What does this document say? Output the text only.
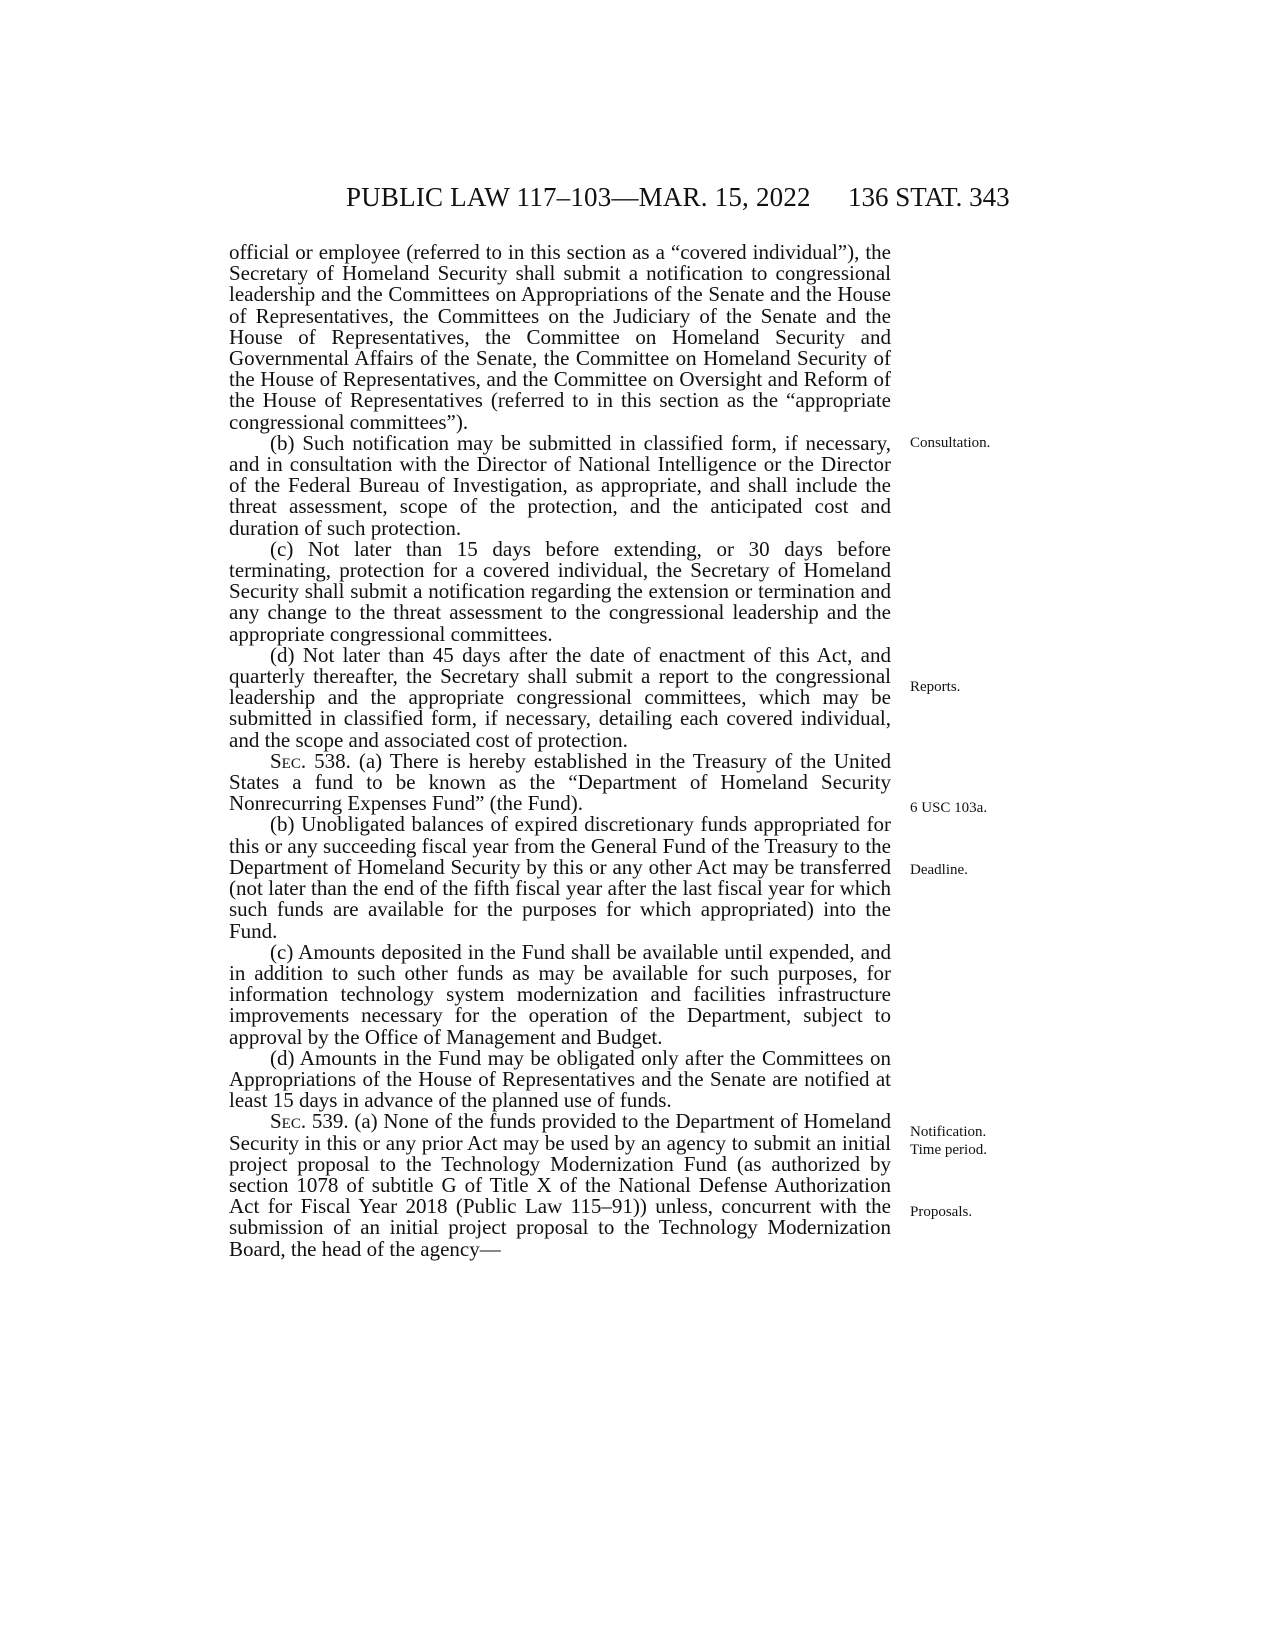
PUBLIC LAW 117–103—MAR. 15, 2022 136 STAT. 343

official or employee (referred to in this section as a “covered individual”), the Secretary of Homeland Security shall submit a notification to congressional leadership and the Committees on Appropriations of the Senate and the House of Representatives, the Committees on the Judiciary of the Senate and the House of Representatives, the Committee on Homeland Security and Governmental Affairs of the Senate, the Committee on Homeland Security of the House of Representatives, and the Committee on Oversight and Reform of the House of Representatives (referred to in this section as the “appropriate congressional committees”).

(b) Such notification may be submitted in classified form, if necessary, and in consultation with the Director of National Intelligence or the Director of the Federal Bureau of Investigation, as appropriate, and shall include the threat assessment, scope of the protection, and the anticipated cost and duration of such protection.

(c) Not later than 15 days before extending, or 30 days before terminating, protection for a covered individual, the Secretary of Homeland Security shall submit a notification regarding the extension or termination and any change to the threat assessment to the congressional leadership and the appropriate congressional committees.

(d) Not later than 45 days after the date of enactment of this Act, and quarterly thereafter, the Secretary shall submit a report to the congressional leadership and the appropriate congressional committees, which may be submitted in classified form, if necessary, detailing each covered individual, and the scope and associated cost of protection.

Sec. 538. (a) There is hereby established in the Treasury of the United States a fund to be known as the “Department of Homeland Security Nonrecurring Expenses Fund” (the Fund).

(b) Unobligated balances of expired discretionary funds appropriated for this or any succeeding fiscal year from the General Fund of the Treasury to the Department of Homeland Security by this or any other Act may be transferred (not later than the end of the fifth fiscal year after the last fiscal year for which such funds are available for the purposes for which appropriated) into the Fund.

(c) Amounts deposited in the Fund shall be available until expended, and in addition to such other funds as may be available for such purposes, for information technology system modernization and facilities infrastructure improvements necessary for the operation of the Department, subject to approval by the Office of Management and Budget.

(d) Amounts in the Fund may be obligated only after the Committees on Appropriations of the House of Representatives and the Senate are notified at least 15 days in advance of the planned use of funds.

Sec. 539. (a) None of the funds provided to the Department of Homeland Security in this or any prior Act may be used by an agency to submit an initial project proposal to the Technology Modernization Fund (as authorized by section 1078 of subtitle G of Title X of the National Defense Authorization Act for Fiscal Year 2018 (Public Law 115–91)) unless, concurrent with the submission of an initial project proposal to the Technology Modernization Board, the head of the agency—

Consultation.
Reports.
6 USC 103a.
Deadline.
Notification.
Time period.
Proposals.
